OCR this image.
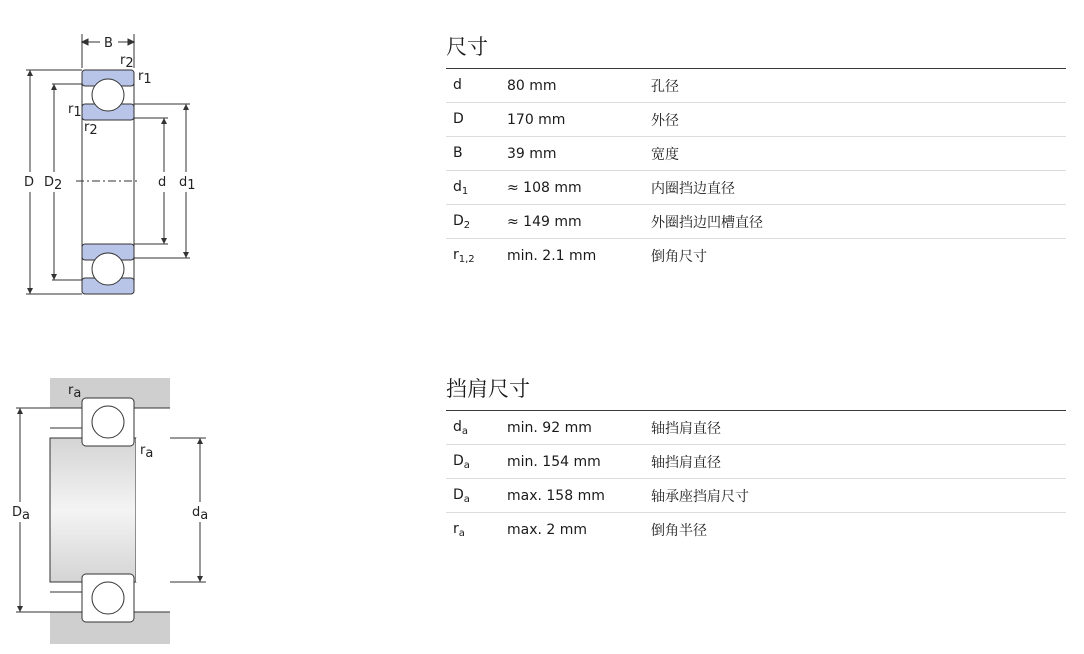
B
r2
r1
r1
r2
D D2	d d1
ra
ra
Da	da
尺寸
d	80 mm	孔径
D	170 mm	外径
B	39 mm	宽度
$d_1$	≈ 108 mm	内圈挡边直径
$D_2$	≈ 149 mm	外圈挡边凹槽直径
$r_{1,2}$	min. 2.1 mm	倒角尺寸
挡肩尺寸
$d_a$	min. 92 mm	轴挡肩直径
$D_a$	min. 154 mm	轴挡肩直径
$D_a$	max. 158 mm	轴承座挡肩尺寸
$r_a$	max. 2 mm	倒角半径
